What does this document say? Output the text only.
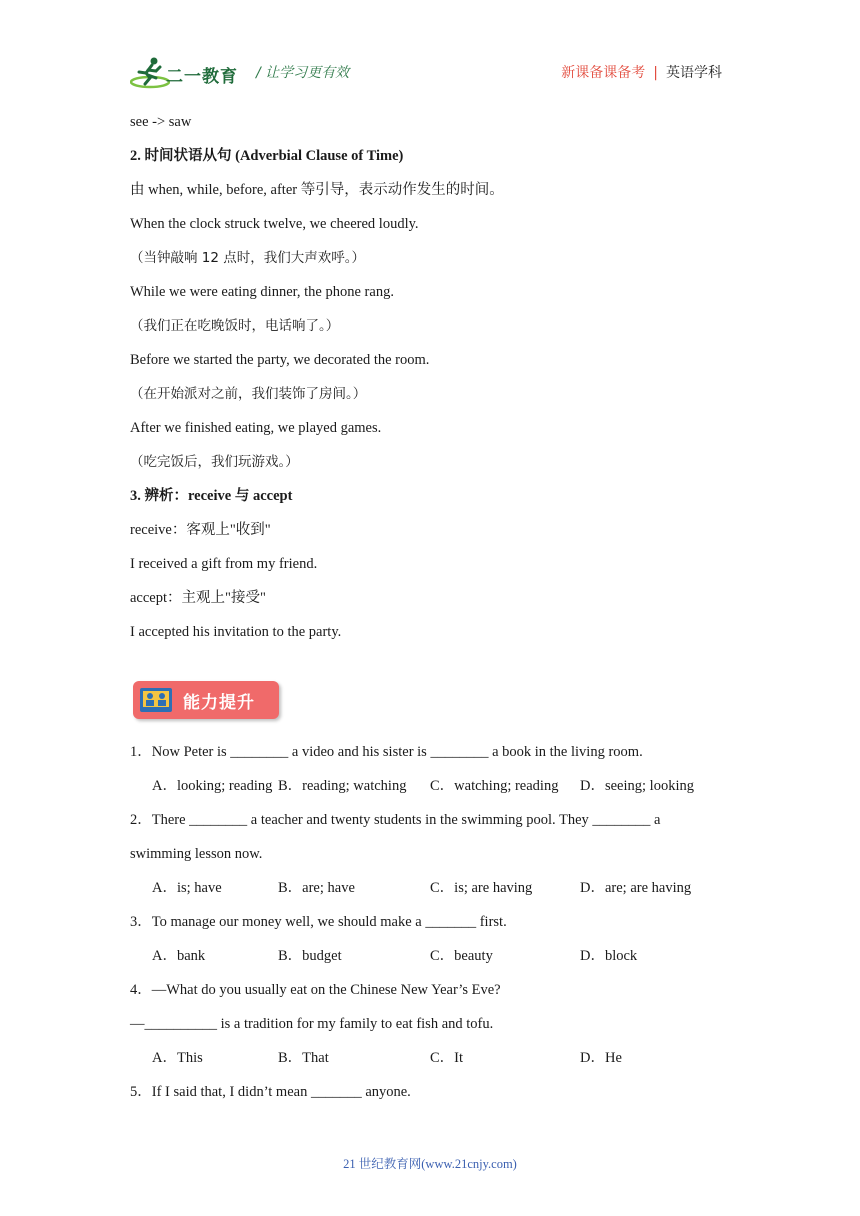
二一教育 / 让学习更有效	新课备课备考 | 英语学科
see -> saw
2. 时间状语从句 (Adverbial Clause of Time)
由 when, while, before, after 等引导，表示动作发生的时间。
When the clock struck twelve, we cheered loudly.
（当钟敲响 12 点时，我们大声欢呼。）
While we were eating dinner, the phone rang.
（我们正在吃晚饭时，电话响了。）
Before we started the party, we decorated the room.
（在开始派对之前，我们装饰了房间。）
After we finished eating, we played games.
（吃完饭后，我们玩游戏。）
3. 辨析：receive 与 accept
receive：客观上"收到"
I received a gift from my friend.
accept：主观上"接受"
I accepted his invitation to the party.
能力提升
1．Now Peter is ________ a video and his sister is ________ a book in the living room.
A．looking; reading B．reading; watching C．watching; reading D．seeing; looking
2．There ________ a teacher and twenty students in the swimming pool. They ________ a
swimming lesson now.
A．is; have	B．are; have	C．is; are having	D．are; are having
3．To manage our money well, we should make a _______ first.
A．bank	B．budget	C．beauty	D．block
4．—What do you usually eat on the Chinese New Year’s Eve?
—__________ is a tradition for my family to eat fish and tofu.
A．This	B．That	C．It	D．He
5．If I said that, I didn’t mean _______ anyone.
21 世纪教育网(www.21cnjy.com)
